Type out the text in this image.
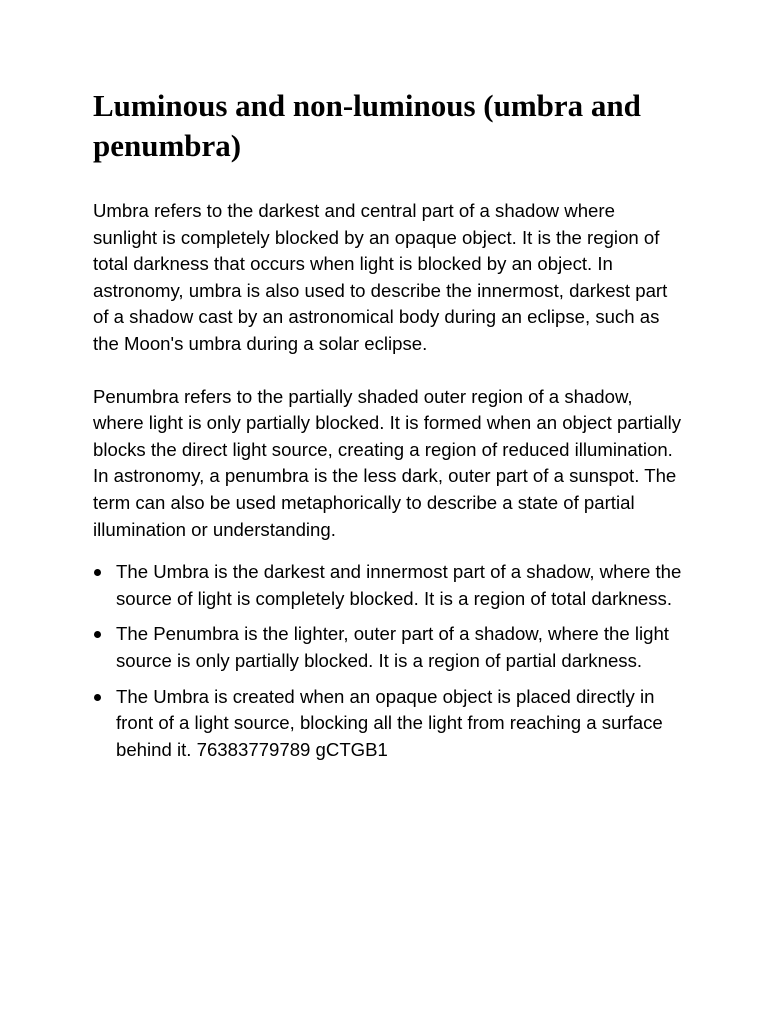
Luminous and non-luminous (umbra and penumbra)

Umbra refers to the darkest and central part of a shadow where sunlight is completely blocked by an opaque object. It is the region of total darkness that occurs when light is blocked by an object. In astronomy, umbra is also used to describe the innermost, darkest part of a shadow cast by an astronomical body during an eclipse, such as the Moon's umbra during a solar eclipse.

Penumbra refers to the partially shaded outer region of a shadow, where light is only partially blocked. It is formed when an object partially blocks the direct light source, creating a region of reduced illumination. In astronomy, a penumbra is the less dark, outer part of a sunspot. The term can also be used metaphorically to describe a state of partial illumination or understanding.

The Umbra is the darkest and innermost part of a shadow, where the source of light is completely blocked. It is a region of total darkness.
The Penumbra is the lighter, outer part of a shadow, where the light source is only partially blocked. It is a region of partial darkness.
The Umbra is created when an opaque object is placed directly in front of a light source, blocking all the light from reaching a surface behind it. 76383779789 gCTGB1
